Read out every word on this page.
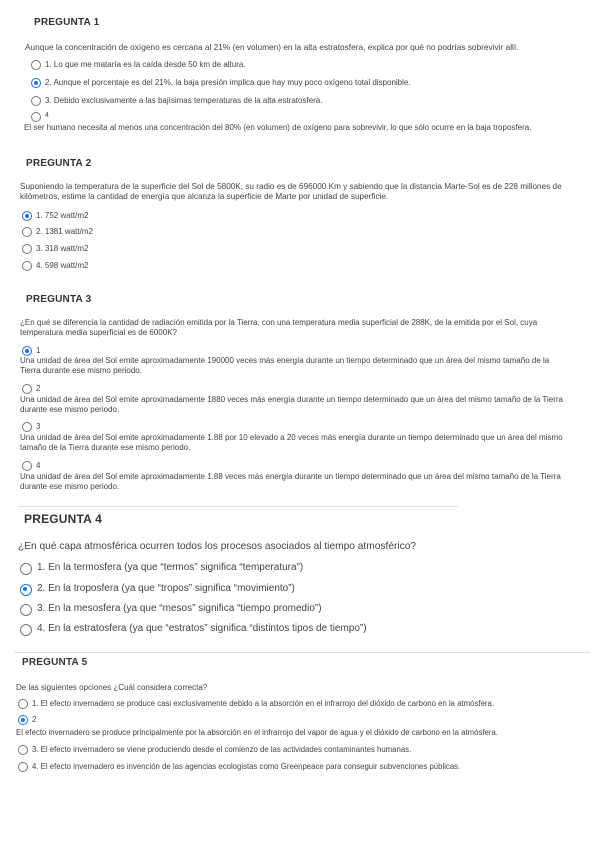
PREGUNTA 1
Aunque la concentración de oxígeno es cercana al 21% (en volumen) en la alta estratosfera, explica por qué no podrías sobrevivir allí.
1. Lo que me mataría es la caída desde 50 km de altura.
2. Aunque el porcentaje es del 21%, la baja presión implica que hay muy poco oxígeno total disponible.
3. Debido exclusivamente a las bajísimas temperaturas de la alta estratosfera.
4
El ser humano necesita al menos una concentración del 80% (en volumen) de oxígeno para sobrevivir, lo que sólo ocurre en la baja troposfera.
PREGUNTA 2
Suponiendo la temperatura de la superficie del Sol de 5800K, su radio es de 696000 Km y sabiendo que la distancia Marte-Sol es de 228 millones de kilómetros, estime la cantidad de energía que alcanza la superficie de Marte por unidad de superficie.
1. 752 watt/m2
2. 1381 watt/m2
3. 318 watt/m2
4. 598 watt/m2
PREGUNTA 3
¿En qué se diferencia la cantidad de radiación emitida por la Tierra, con una temperatura media superficial de 288K, de la emitida por el Sol, cuya temperatura media superficial es de 6000K?
1
Una unidad de área del Sol emite aproximadamente 190000 veces más energía durante un tiempo determinado que un área del mismo tamaño de la Tierra durante ese mismo periodo.
2
Una unidad de área del Sol emite aproximadamente 1880 veces más energía durante un tiempo determinado que un área del mismo tamaño de la Tierra durante ese mismo periodo.
3
Una unidad de área del Sol emite aproximadamente 1.88 por 10 elevado a 20 veces más energía durante un tiempo determinado que un área del mismo tamaño de la Tierra durante ese mismo periodo.
4
Una unidad de área del Sol emite aproximadamente 1.88 veces más energía durante un tiempo determinado que un área del mismo tamaño de la Tierra durante ese mismo periodo.
PREGUNTA 4
¿En qué capa atmosférica ocurren todos los procesos asociados al tiempo atmosférico?
1. En la termosfera (ya que “termos” significa “temperatura”)
2. En la troposfera (ya que “tropos” significa “movimiento”)
3. En la mesosfera (ya que “mesos” significa “tiempo promedio”)
4. En la estratosfera (ya que “estratos” significa “distintos tipos de tiempo”)
PREGUNTA 5
De las siguientes opciones ¿Cuál considera correcta?
1. El efecto invernadero se produce casi exclusivamente debido a la absorción en el infrarrojo del dióxido de carbono en la atmósfera.
2
El efecto invernadero se produce principalmente por la absorción en el infrarrojo del vapor de agua y el dióxido de carbono en la atmósfera.
3. El efecto invernadero se viene produciendo desde el comienzo de las actividades contaminantes humanas.
4. El efecto invernadero es invención de las agencias ecologistas como Greenpeace para conseguir subvenciones públicas.
